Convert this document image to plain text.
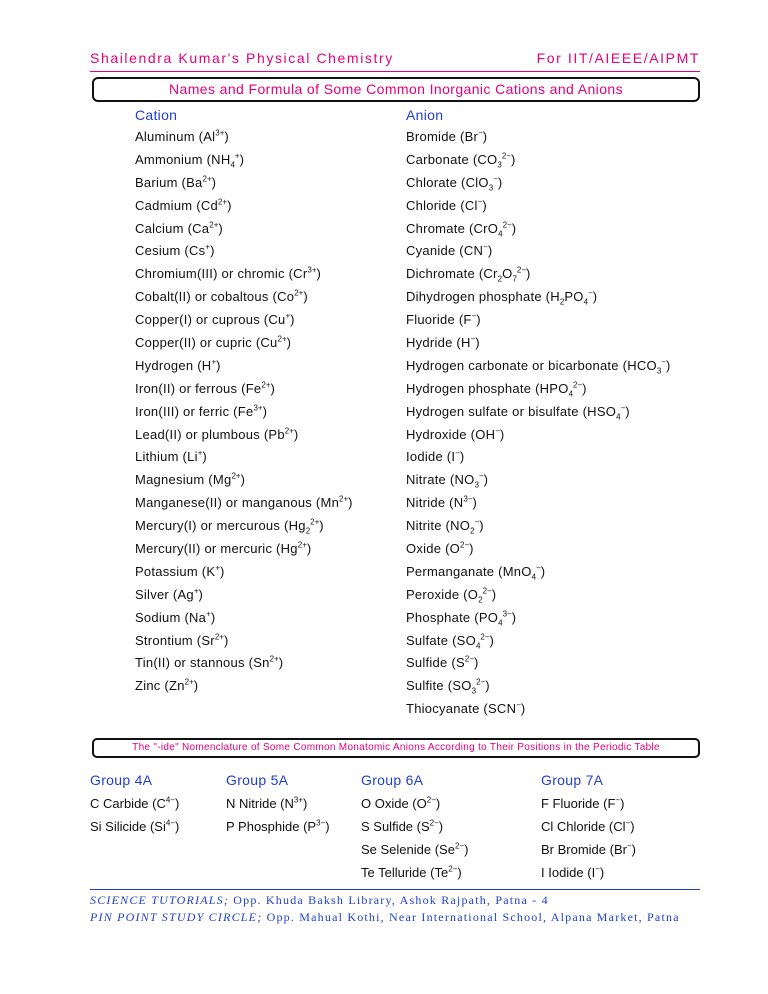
Shailendra Kumar's Physical Chemistry	For IIT/AIEEE/AIPMT
Names and Formula of Some Common Inorganic Cations and Anions
Cation	Anion
Aluminum $(Al^{3+})$
Ammonium $(NH_4^+)$
Barium $(Ba^{2+})$
Cadmium $(Cd^{2+})$
Calcium $(Ca^{2+})$
Cesium (Cs+)
Chromium(III) or chromic $(Cr^{3+})$
Cobalt(II) or cobaltous $(Co^{2+})$
Copper(I) or cuprous (Cu+)
Copper(II) or cupric $(Cu^{2+})$
Hydrogen (H+)
Iron(II) or ferrous $(Fe^{2+})$
Iron(III) or ferric $(Fe^{3+})$
Lead(II) or plumbous $(Pb^{2+})$
Lithium (Li+)
Magnesium $(Mg^{2+})$
Manganese(II) or manganous $(Mn^{2+})$
Mercury(I) or mercurous $(Hg_2^{2+})$
Mercury(II) or mercuric $(Hg^{2+})$
Potassium (K+)
Silver (Ag+)
Sodium (Na+)
Strontium $(Sr^{2+})$
Tin(II) or stannous $(Sn^{2+})$
Zinc $(Zn^{2+})$
Bromide (Br−)
Carbonate $(CO_3^{2-})$
Chlorate (ClO$_3$−)
Chloride (Cl−)
Chromate (CrO$_4^{2-}$)
Cyanide (CN−)
Dichromate $(Cr_2O_7^{2-})$
Dihydrogen phosphate $(H_2PO_4^-)$
Fluoride (F−)
Hydride (H−)
Hydrogen carbonate or bicarbonate $(HCO_3^-)$
Hydrogen phosphate $(HPO_4^{2-})$
Hydrogen sulfate or bisulfate $(HSO_4^-)$
Hydroxide (OH−)
Iodide (I−)
Nitrate $(NO_3^-)$
Nitride $(N^{3-})$
Nitrite $(NO_2^-)$
Oxide $(O^{2-})$
Permanganate (MnO$_4$−)
Peroxide $(O_2^{2-})$
Phosphate $(PO_4^{3-})$
Sulfate $(SO_4^{2-})$
Sulfide $(S^{2-})$
Sulfite $(SO_3^{2-})$
Thiocyanate (SCN−)
The "-ide" Nomenclature of Some Common Monatomic Anions According to Their Positions in the Periodic Table
Group 4A
C Carbide $(C^{4-})$
Si Silicide $(Si^{4-})$
Group 5A
N Nitride $(N^{3+})$
P Phosphide $(P^{3-})$
Group 6A
O Oxide $(O^{2-})$
S Sulfide $(S^{2-})$
Se Selenide $(Se^{2-})$
Te Telluride $(Te^{2-})$
Group 7A
F Fluoride (F−)
Cl Chloride (Cl−)
Br Bromide (Br−)
I Iodide (I−)
SCIENCE TUTORIALS; Opp. Khuda Baksh Library, Ashok Rajpath, Patna - 4
PIN POINT STUDY CIRCLE; Opp. Mahual Kothi, Near International School, Alpana Market, Patna
